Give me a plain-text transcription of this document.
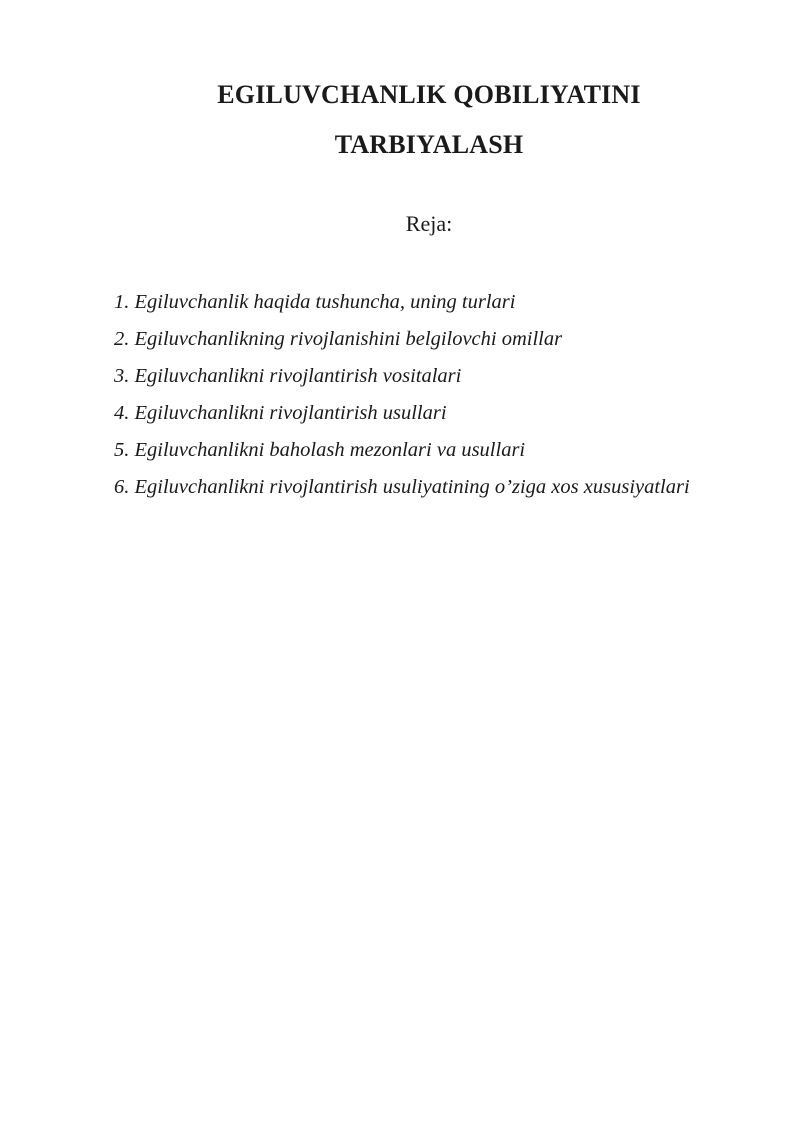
EGILUVCHANLIK QOBILIYATINI
TARBIYALASH

Reja:

1. Egiluvchanlik haqida tushuncha, uning turlari
2. Egiluvchanlikning rivojlanishini belgilovchi omillar
3. Egiluvchanlikni rivojlantirish vositalari
4. Egiluvchanlikni rivojlantirish usullari
5. Egiluvchanlikni baholash mezonlari va usullari
6. Egiluvchanlikni rivojlantirish usuliyatining o’ziga xos xususiyatlari
